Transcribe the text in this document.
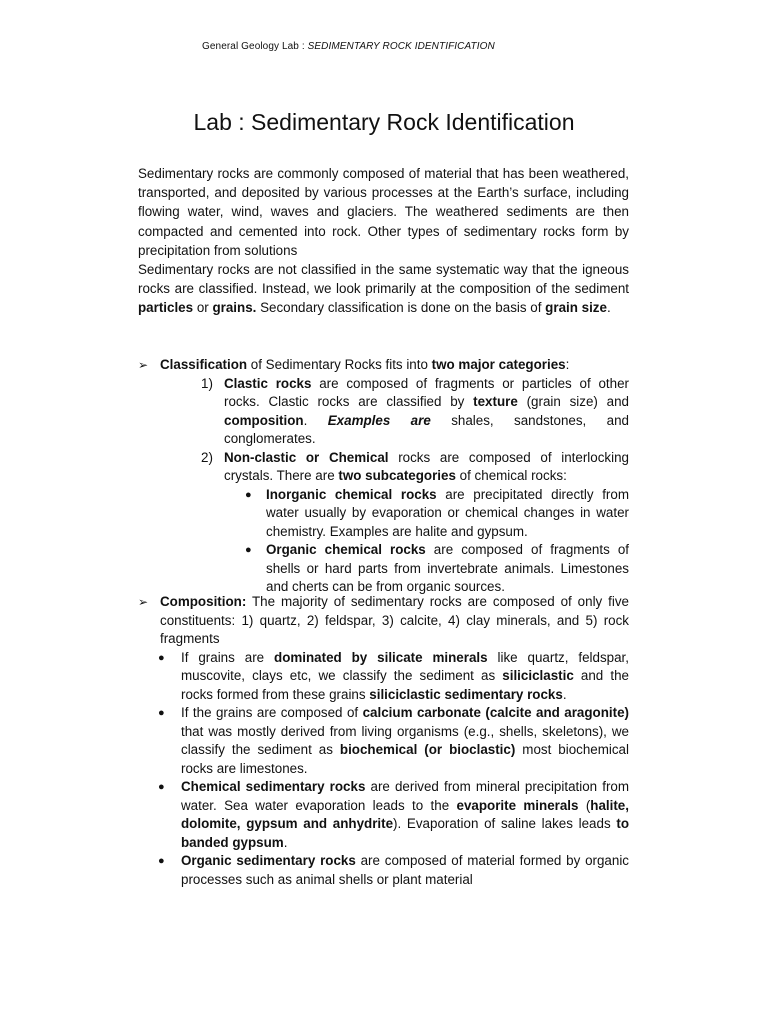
General Geology Lab : SEDIMENTARY ROCK IDENTIFICATION
Lab : Sedimentary Rock Identification

Sedimentary rocks are commonly composed of material that has been weathered, transported, and deposited by various processes at the Earth’s surface, including flowing water, wind, waves and glaciers. The weathered sediments are then compacted and cemented into rock. Other types of sedimentary rocks form by precipitation from solutions

Sedimentary rocks are not classified in the same systematic way that the igneous rocks are classified. Instead, we look primarily at the composition of the sediment particles or grains. Secondary classification is done on the basis of grain size.

➢ Classification of Sedimentary Rocks fits into two major categories:
1) Clastic rocks are composed of fragments or particles of other rocks. Clastic rocks are classified by texture (grain size) and composition. Examples are shales, sandstones, and conglomerates.
2) Non-clastic or Chemical rocks are composed of interlocking crystals. There are two subcategories of chemical rocks:
● Inorganic chemical rocks are precipitated directly from water usually by evaporation or chemical changes in water chemistry. Examples are halite and gypsum.
● Organic chemical rocks are composed of fragments of shells or hard parts from invertebrate animals. Limestones and cherts can be from organic sources.
➢ Composition: The majority of sedimentary rocks are composed of only five constituents: 1) quartz, 2) feldspar, 3) calcite, 4) clay minerals, and 5) rock fragments
● If grains are dominated by silicate minerals like quartz, feldspar, muscovite, clays etc, we classify the sediment as siliciclastic and the rocks formed from these grains siliciclastic sedimentary rocks.
● If the grains are composed of calcium carbonate (calcite and aragonite) that was mostly derived from living organisms (e.g., shells, skeletons), we classify the sediment as biochemical (or bioclastic) most biochemical rocks are limestones.
● Chemical sedimentary rocks are derived from mineral precipitation from water. Sea water evaporation leads to the evaporite minerals (halite, dolomite, gypsum and anhydrite). Evaporation of saline lakes leads to banded gypsum.
● Organic sedimentary rocks are composed of material formed by organic processes such as animal shells or plant material
